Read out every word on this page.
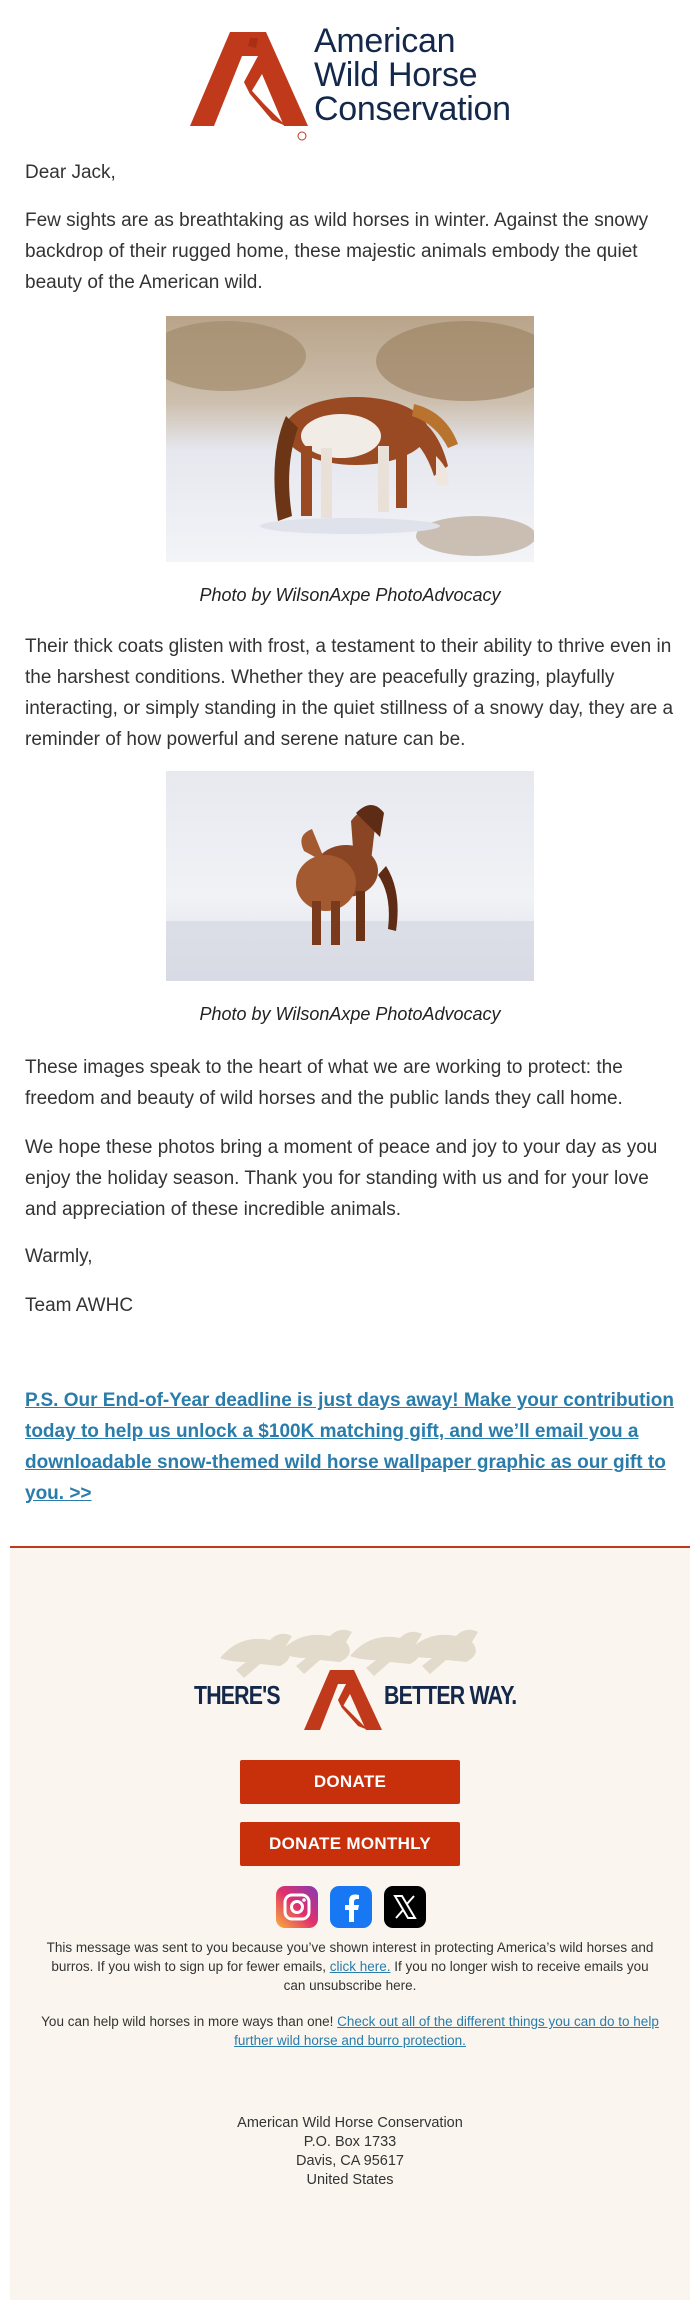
American
Wild Horse
Conservation
Dear Jack,
Few sights are as breathtaking as wild horses in winter. Against the snowy backdrop of their rugged home, these majestic animals embody the quiet beauty of the American wild.
Photo by WilsonAxpe PhotoAdvocacy
Their thick coats glisten with frost, a testament to their ability to thrive even in the harshest conditions. Whether they are peacefully grazing, playfully interacting, or simply standing in the quiet stillness of a snowy day, they are a reminder of how powerful and serene nature can be.
Photo by WilsonAxpe PhotoAdvocacy
These images speak to the heart of what we are working to protect: the freedom and beauty of wild horses and the public lands they call home.
We hope these photos bring a moment of peace and joy to your day as you enjoy the holiday season. Thank you for standing with us and for your love and appreciation of these incredible animals.
Warmly,
Team AWHC
P.S. Our End-of-Year deadline is just days away! Make your contribution today to help us unlock a $100K matching gift, and we’ll email you a downloadable snow-themed wild horse wallpaper graphic as our gift to you. >>
THERE'S	BETTER WAY.
DONATE
DONATE MONTHLY
This message was sent to you because you’ve shown interest in protecting America’s wild horses and burros. If you wish to sign up for fewer emails, click here. If you no longer wish to receive emails you can unsubscribe here.
You can help wild horses in more ways than one! Check out all of the different things you can do to help further wild horse and burro protection.
American Wild Horse Conservation
P.O. Box 1733
Davis, CA 95617
United States
